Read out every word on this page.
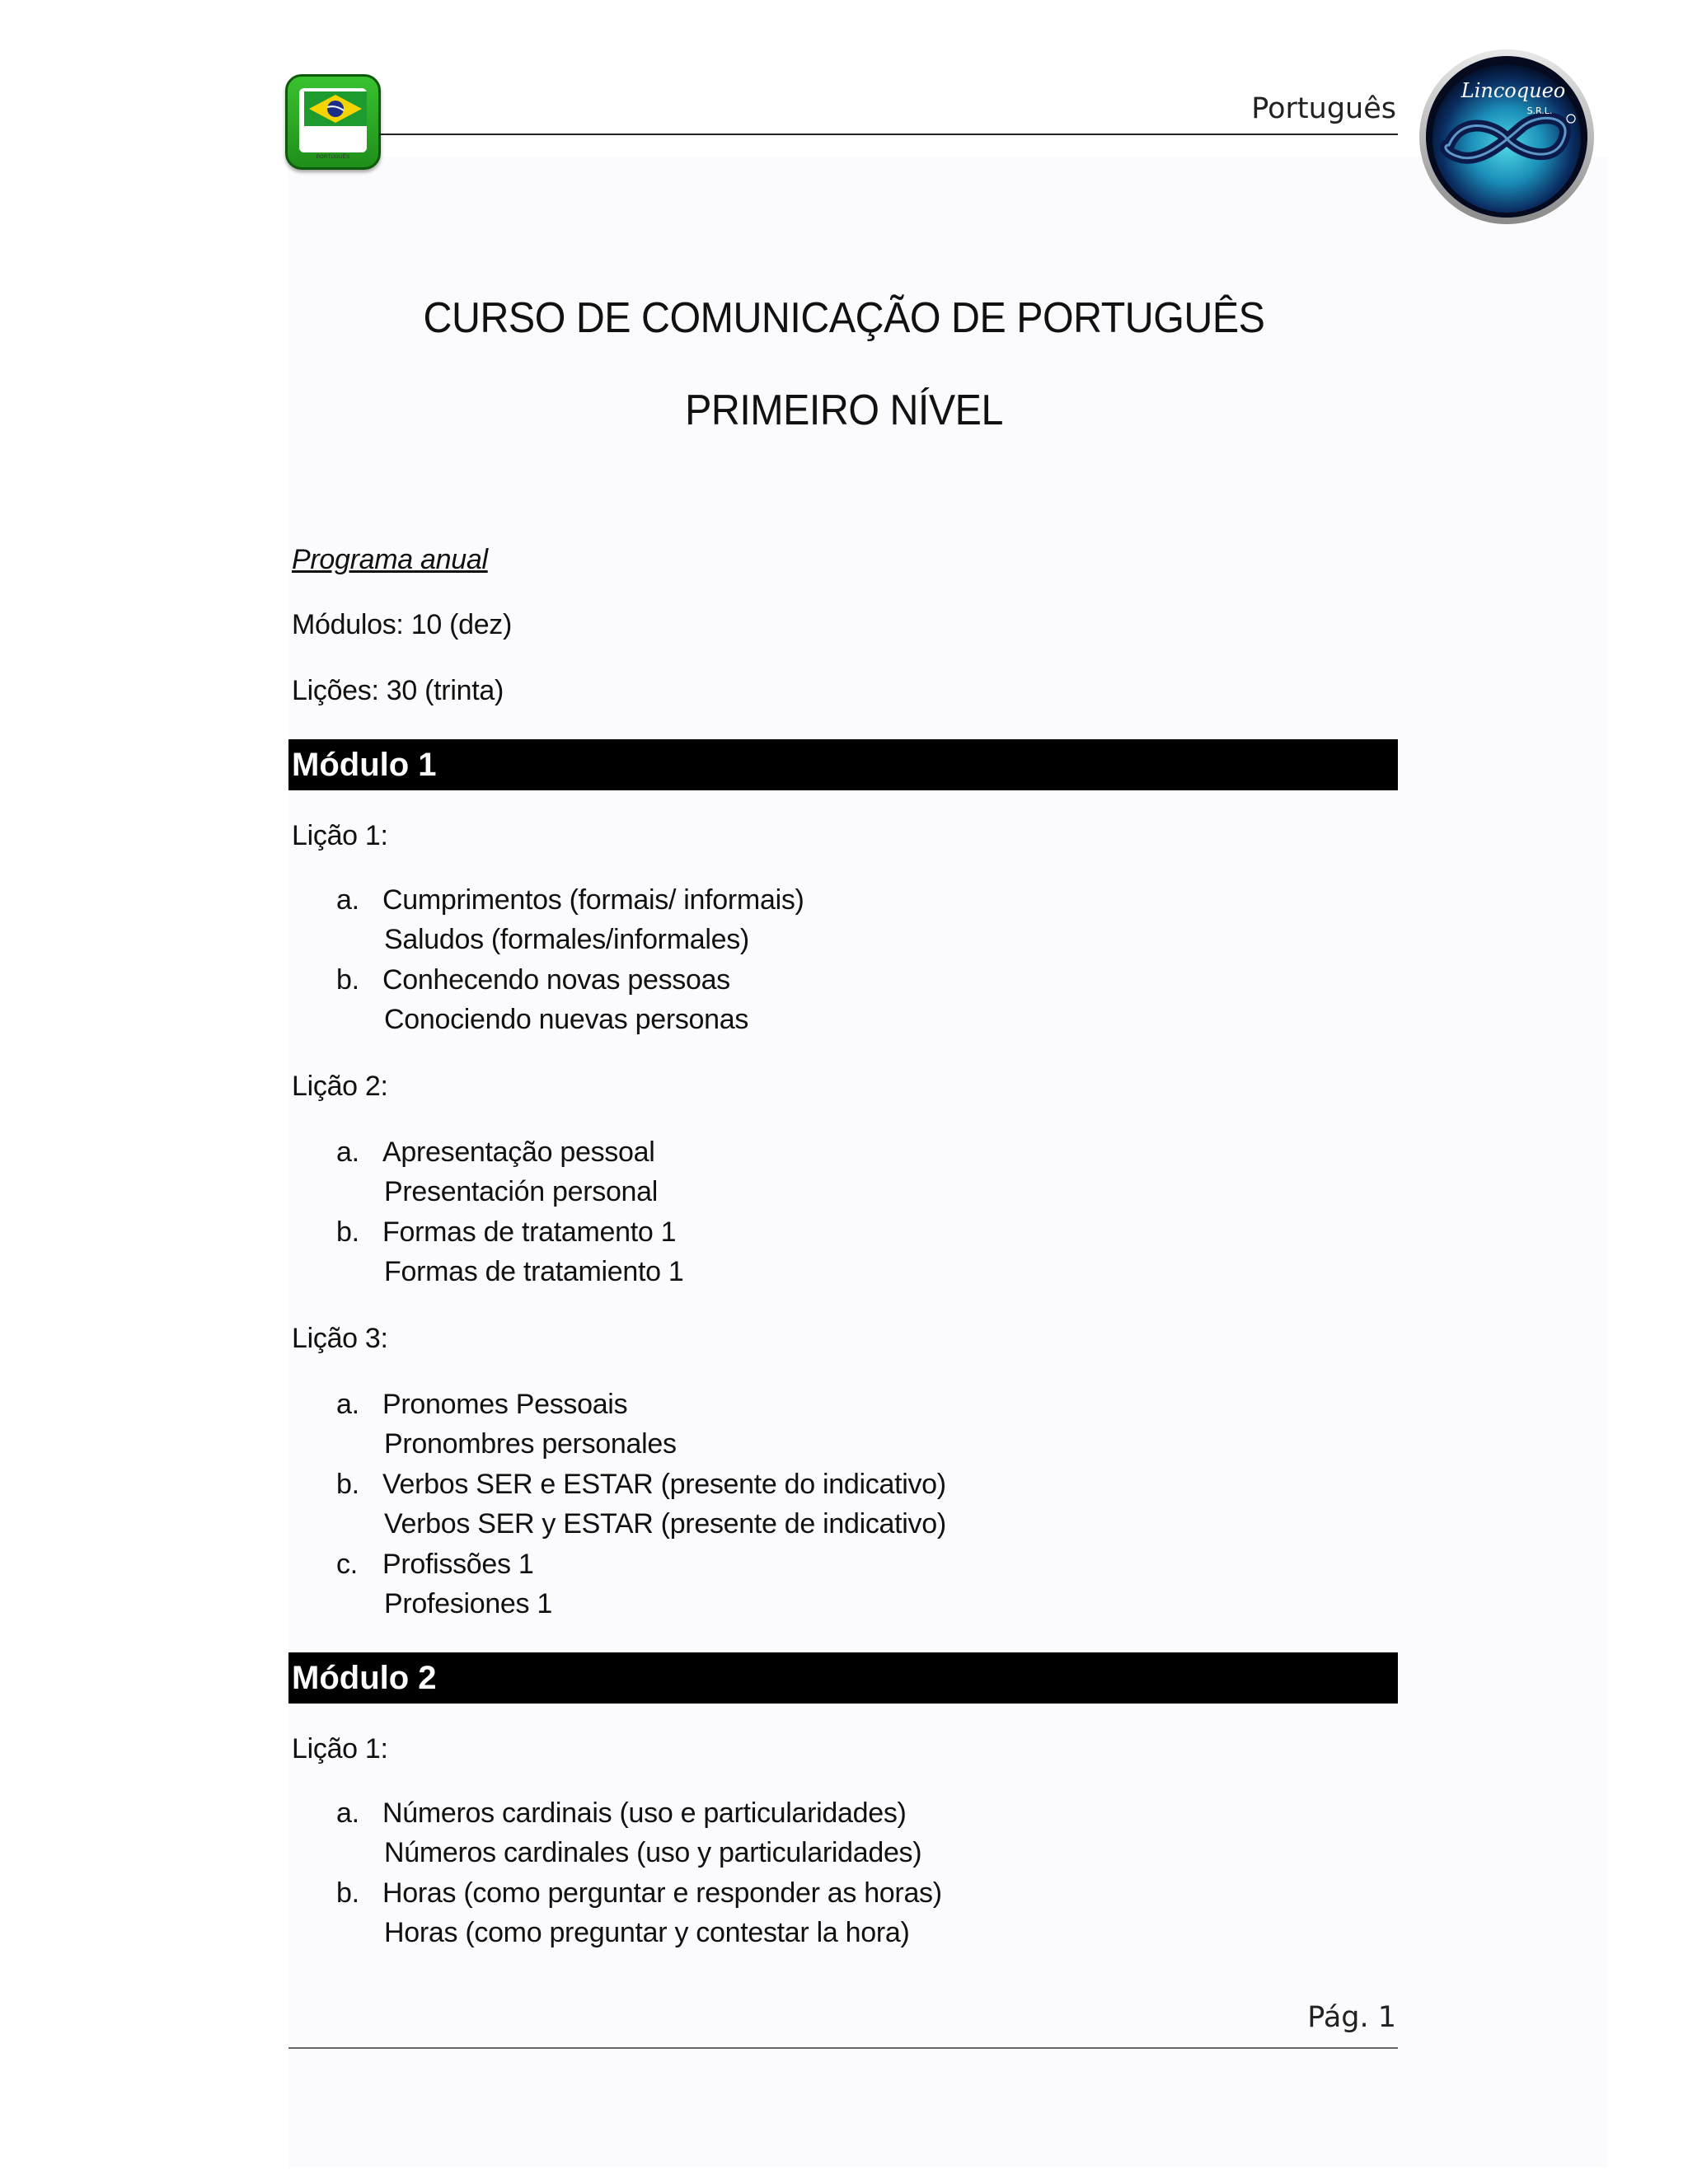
PORTUGUÊS
Português
Lincoqueo
S.R.L.
CURSO DE COMUNICAÇÃO DE PORTUGUÊS
PRIMEIRO NÍVEL
Programa anual
Módulos: 10 (dez)
Lições: 30 (trinta)
Módulo 1
Lição 1:
a. Cumprimentos (formais/ informais)
Saludos (formales/informales)
b. Conhecendo novas pessoas
Conociendo nuevas personas
Lição 2:
a. Apresentação pessoal
Presentación personal
b. Formas de tratamento 1
Formas de tratamiento 1
Lição 3:
a. Pronomes Pessoais
Pronombres personales
b. Verbos SER e ESTAR (presente do indicativo)
Verbos SER y ESTAR (presente de indicativo)
c. Profissões 1
Profesiones 1
Módulo 2
Lição 1:
a. Números cardinais (uso e particularidades)
Números cardinales (uso y particularidades)
b. Horas (como perguntar e responder as horas)
Horas (como preguntar y contestar la hora)
Pág. 1
